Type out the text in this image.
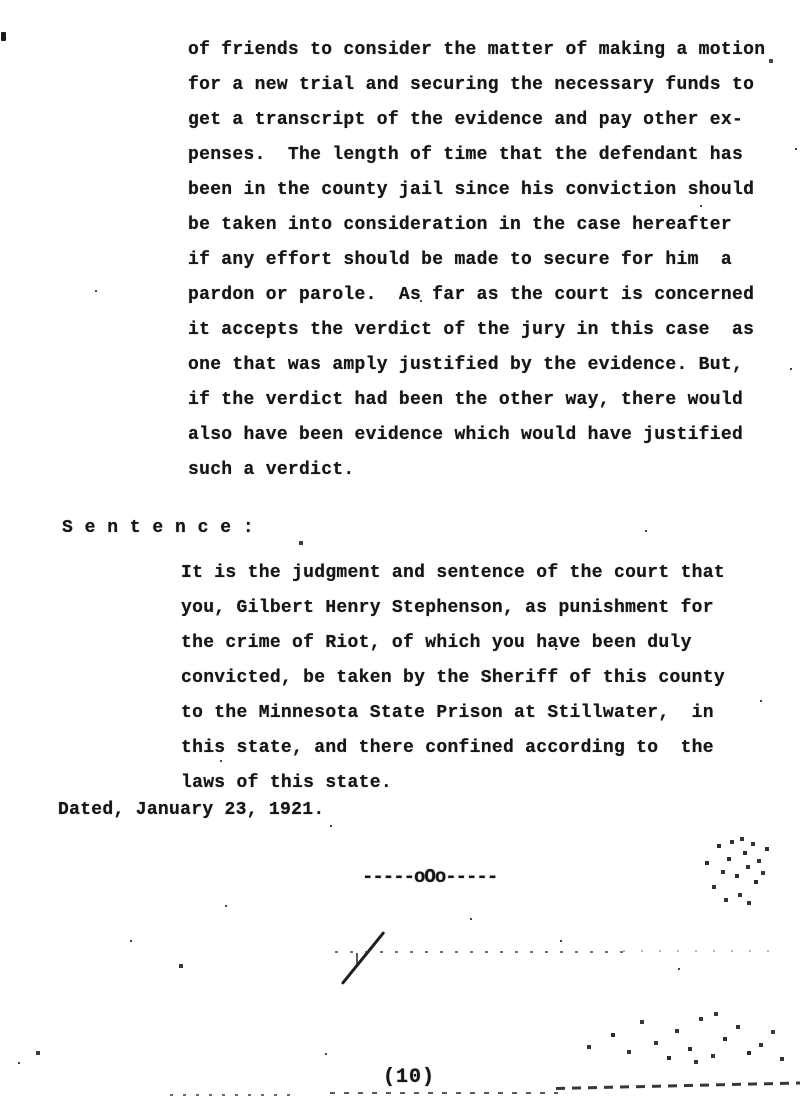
of friends to consider the matter of making a motion
for a new trial and securing the necessary funds to
get a transcript of the evidence and pay other ex-
penses.  The length of time that the defendant has
been in the county jail since his conviction should
be taken into consideration in the case hereafter
if any effort should be made to secure for him  a
pardon or parole.  As far as the court is concerned
it accepts the verdict of the jury in this case  as
one that was amply justified by the evidence. But,
if the verdict had been the other way, there would
also have been evidence which would have justified
such a verdict.
S e n t e n c e :
It is the judgment and sentence of the court that
you, Gilbert Henry Stephenson, as punishment for
the crime of Riot, of which you have been duly
convicted, be taken by the Sheriff of this county
to the Minnesota State Prison at Stillwater,  in
this state, and there confined according to  the
laws of this state.
Dated, January 23, 1921.
-----oOo-----
(10)
